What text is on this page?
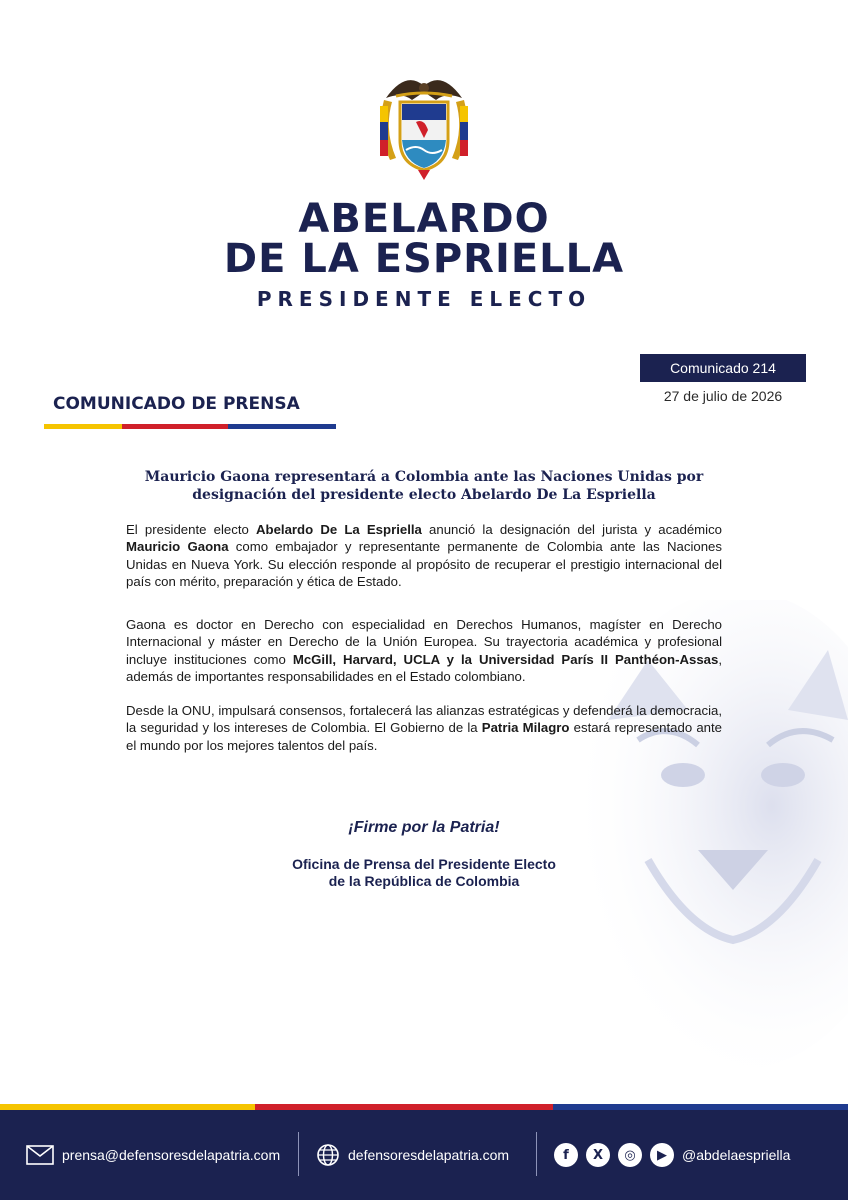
ABELARDO
DE LA ESPRIELLA
PRESIDENTE ELECTO
Comunicado 214
27 de julio de 2026
COMUNICADO DE PRENSA
Mauricio Gaona representará a Colombia ante las Naciones Unidas por
designación del presidente electo Abelardo De La Espriella
El presidente electo Abelardo De La Espriella anunció la designación del jurista y académico Mauricio Gaona como embajador y representante permanente de Colombia ante las Naciones Unidas en Nueva York. Su elección responde al propósito de recuperar el prestigio internacional del país con mérito, preparación y ética de Estado.
Gaona es doctor en Derecho con especialidad en Derechos Humanos, magíster en Derecho Internacional y máster en Derecho de la Unión Europea. Su trayectoria académica y profesional incluye instituciones como McGill, Harvard, UCLA y la Universidad París II Panthéon-Assas, además de importantes responsabilidades en el Estado colombiano.
Desde la ONU, impulsará consensos, fortalecerá las alianzas estratégicas y defenderá la democracia, la seguridad y los intereses de Colombia. El Gobierno de la Patria Milagro estará representado ante el mundo por los mejores talentos del país.
¡Firme por la Patria!
Oficina de Prensa del Presidente Electo
de la República de Colombia
prensa@defensoresdelapatria.com	defensoresdelapatria.com	f	X	◎	▶	@abdelaespriella
